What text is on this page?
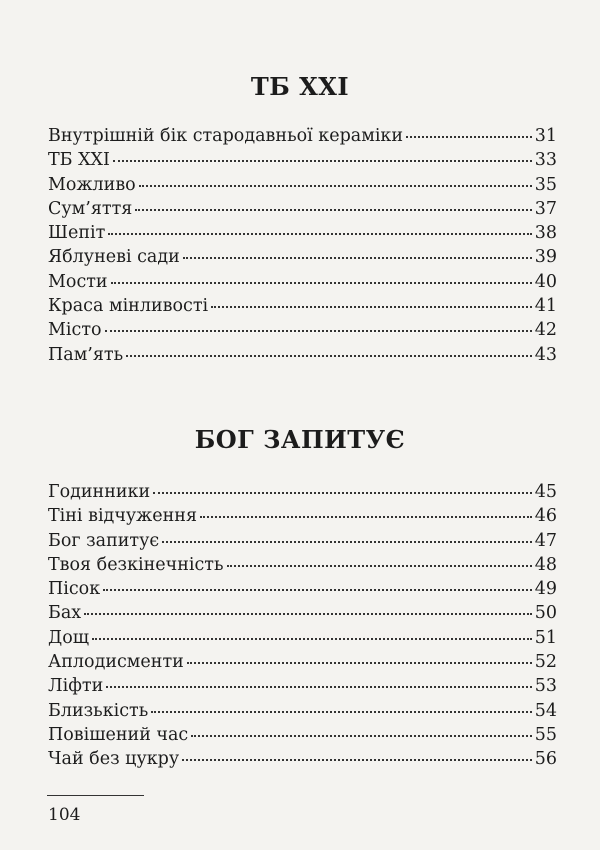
ТБ XXI
Внутрішній бік стародавньої кераміки	31
ТБ XXI	33
Можливо	35
Сум’яття	37
Шепіт	38
Яблуневі сади	39
Мости	40
Краса мінливості	41
Місто	42
Пам’ять	43
БОГ ЗАПИТУЄ
Годинники	45
Тіні відчуження	46
Бог запитує	47
Твоя безкінечність	48
Пісок	49
Бах	50
Дощ	51
Аплодисменти	52
Ліфти	53
Близькість	54
Повішений час	55
Чай без цукру	56
104
